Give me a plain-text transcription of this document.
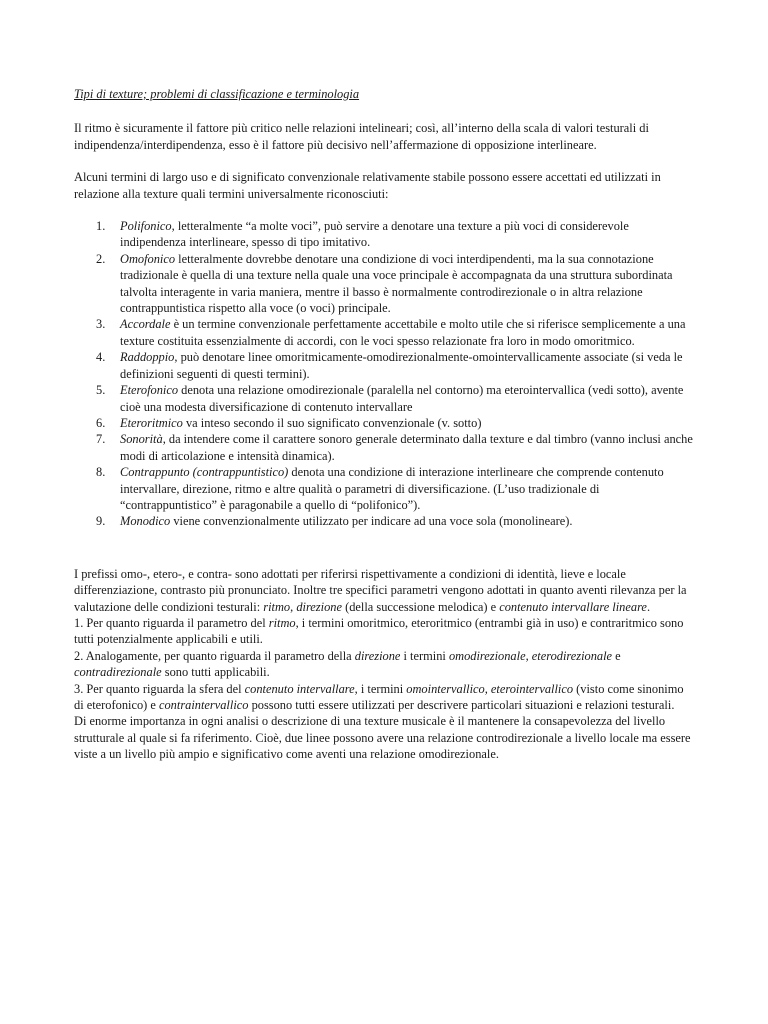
Tipi di texture; problemi di classificazione e terminologia

Il ritmo è sicuramente il fattore più critico nelle relazioni intelineari; così, all’interno della scala di valori testurali di indipendenza/interdipendenza, esso è il fattore più decisivo nell’affermazione di opposizione interlineare.

Alcuni termini di largo uso e di significato convenzionale relativamente stabile possono essere accettati ed utilizzati in relazione alla texture quali termini universalmente riconosciuti:

1.	Polifonico, letteralmente “a molte voci”, può servire a denotare una texture a più voci di considerevole indipendenza interlineare, spesso di tipo imitativo.
2.	Omofonico letteralmente dovrebbe denotare una condizione di voci interdipendenti, ma la sua connotazione tradizionale è quella di una texture nella quale una voce principale è accompagnata da una struttura subordinata talvolta interagente in varia maniera, mentre il basso è normalmente controdirezionale o in altra relazione contrappuntistica rispetto alla voce (o voci) principale.
3.	Accordale è un termine convenzionale perfettamente accettabile e molto utile che si riferisce semplicemente a una texture costituita essenzialmente di accordi, con le voci spesso relazionate fra loro in modo omoritmico.
4.	Raddoppio, può denotare linee omoritmicamente-omodirezionalmente-omointervallicamente associate (si veda le definizioni seguenti di questi termini).
5.	Eterofonico denota una relazione omodirezionale (paralella nel contorno) ma eterointervallica (vedi sotto), avente cioè una modesta diversificazione di contenuto intervallare
6.	Eteroritmico va inteso secondo il suo significato convenzionale (v. sotto)
7.	Sonorità, da intendere come il carattere sonoro generale determinato dalla texture e dal timbro (vanno inclusi anche modi di articolazione e intensità dinamica).
8.	Contrappunto (contrappuntistico) denota una condizione di interazione interlineare che comprende contenuto intervallare, direzione, ritmo e altre qualità o parametri di diversificazione. (L’uso tradizionale di “contrappuntistico” è paragonabile a quello di “polifonico”).
9.	Monodico viene convenzionalmente utilizzato per indicare ad una voce sola (monolineare).

I prefissi omo-, etero-, e contra- sono adottati per riferirsi rispettivamente a condizioni di identità, lieve e locale differenziazione, contrasto più pronunciato. Inoltre tre specifici parametri vengono adottati in quanto aventi rilevanza per la valutazione delle condizioni testurali: ritmo, direzione (della successione melodica) e contenuto intervallare lineare.

1. Per quanto riguarda il parametro del ritmo, i termini omoritmico, eteroritmico (entrambi già in uso) e contraritmico sono tutti potenzialmente applicabili e utili.

2. Analogamente, per quanto riguarda il parametro della direzione i termini omodirezionale, eterodirezionale e contradirezionale sono tutti applicabili.

3. Per quanto riguarda la sfera del contenuto intervallare, i termini omointervallico, eterointervallico (visto come sinonimo di eterofonico) e contraintervallico possono tutti essere utilizzati per descrivere particolari situazioni e relazioni testurali.

Di enorme importanza in ogni analisi o descrizione di una texture musicale è il mantenere la consapevolezza del livello strutturale al quale si fa riferimento. Cioè, due linee possono avere una relazione controdirezionale a livello locale ma essere viste a un livello più ampio e significativo come aventi una relazione omodirezionale.
